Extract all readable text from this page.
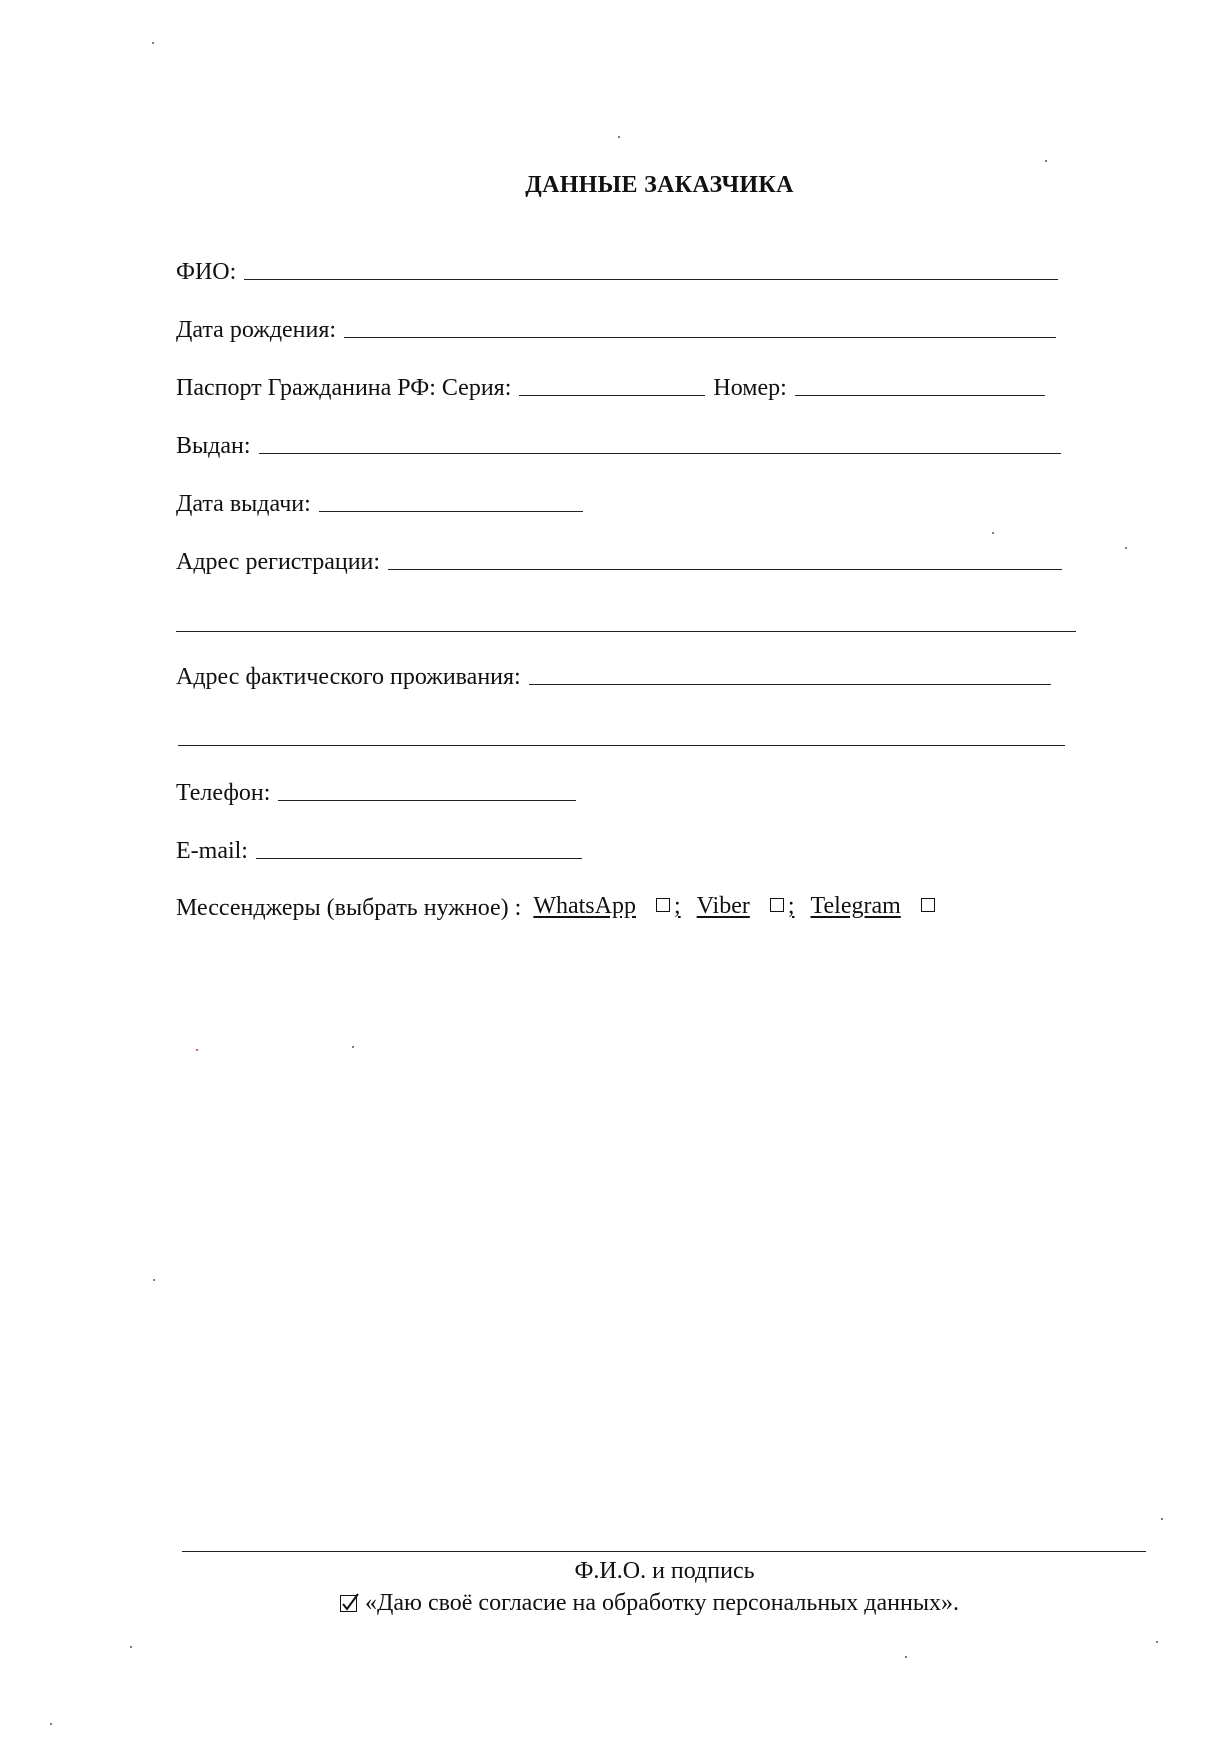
ДАННЫЕ ЗАКАЗЧИКА
ФИО:
Дата рождения:
Паспорт Гражданина РФ: Серия:	Номер:
Выдан:
Дата выдачи:
Адрес регистрации:
Адрес фактического проживания:
Телефон:
E-mail:
Мессенджеры (выбрать нужное) : WhatsApp ; Viber ; Telegram
Ф.И.О. и подпись
«Даю своё согласие на обработку персональных данных».
